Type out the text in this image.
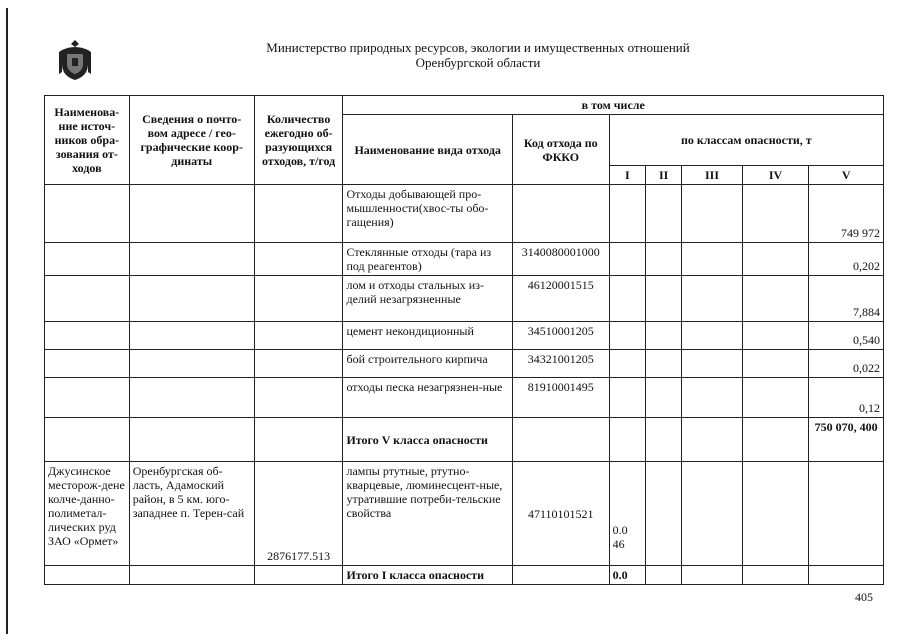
Министерство природных ресурсов, экологии и имущественных отношений
Оренбургской области
Наименова-ние источ-ников обра-зования от-ходов	Сведения о почто-вом адресе / гео-графические коор-динаты	Количество ежегодно об-разующихся отходов, т/год	в том числе						
			Наименование вида отхода	Код отхода по ФККО	по классам опасности, т				
					I	II	III	IV	V
			Отходы добывающей про-мышленности(хвос-ты обо-гащения)						749 972
			Стеклянные отходы (тара из под реагентов)	3140080001000					0,202
			лом и отходы стальных из-делий незагрязненные	46120001515					7,884
			цемент некондиционный	34510001205					0,540
			бой строительного кирпича	34321001205					0,022
			отходы песка незагрязнен-ные	81910001495					0,12
			Итого V класса опасности						750 070, 400
Джусинское месторож-дене колче-данно-полиметал-лических руд ЗАО «Ормет»	Оренбургская об-ласть, Адамоский район, в 5 км. юго-западнее п. Терен-сай	2876177.513	лампы ртутные, ртутно-кварцевые, люминесцент-ные, утратившие потреби-тельские свойства	47110101521	0.0 46				
			Итого I класса опасности		0.0				
405
